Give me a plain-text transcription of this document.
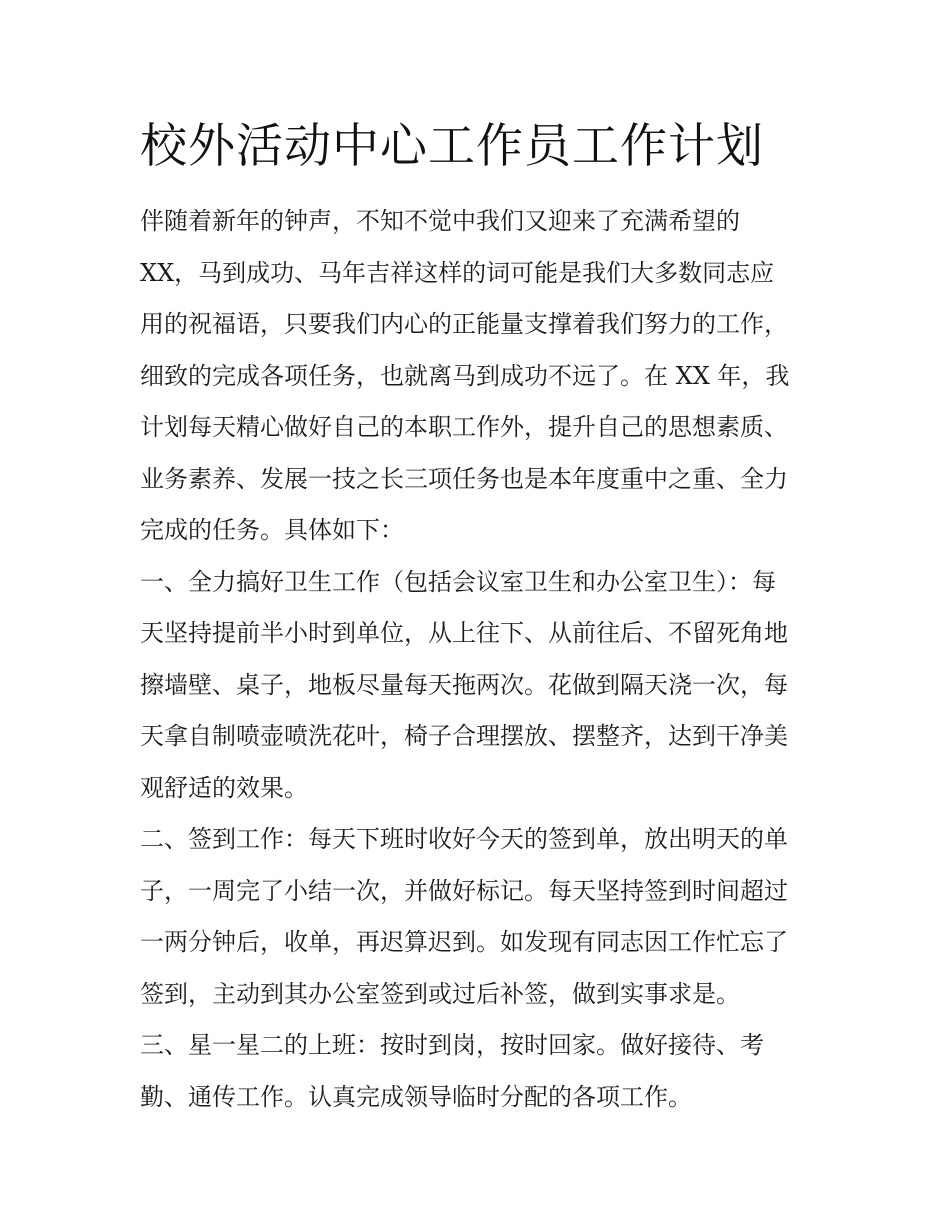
校外活动中心工作员工作计划
伴随着新年的钟声，不知不觉中我们又迎来了充满希望的
XX，马到成功、马年吉祥这样的词可能是我们大多数同志应
用的祝福语，只要我们内心的正能量支撑着我们努力的工作，
细致的完成各项任务，也就离马到成功不远了。在 XX 年，我
计划每天精心做好自己的本职工作外，提升自己的思想素质、
业务素养、发展一技之长三项任务也是本年度重中之重、全力
完成的任务。具体如下：
一、全力搞好卫生工作（包括会议室卫生和办公室卫生）：每
天坚持提前半小时到单位，从上往下、从前往后、不留死角地
擦墙壁、桌子，地板尽量每天拖两次。花做到隔天浇一次，每
天拿自制喷壶喷洗花叶，椅子合理摆放、摆整齐，达到干净美
观舒适的效果。
二、签到工作：每天下班时收好今天的签到单，放出明天的单
子，一周完了小结一次，并做好标记。每天坚持签到时间超过
一两分钟后，收单，再迟算迟到。如发现有同志因工作忙忘了
签到，主动到其办公室签到或过后补签，做到实事求是。
三、星一星二的上班：按时到岗，按时回家。做好接待、考
勤、通传工作。认真完成领导临时分配的各项工作。
